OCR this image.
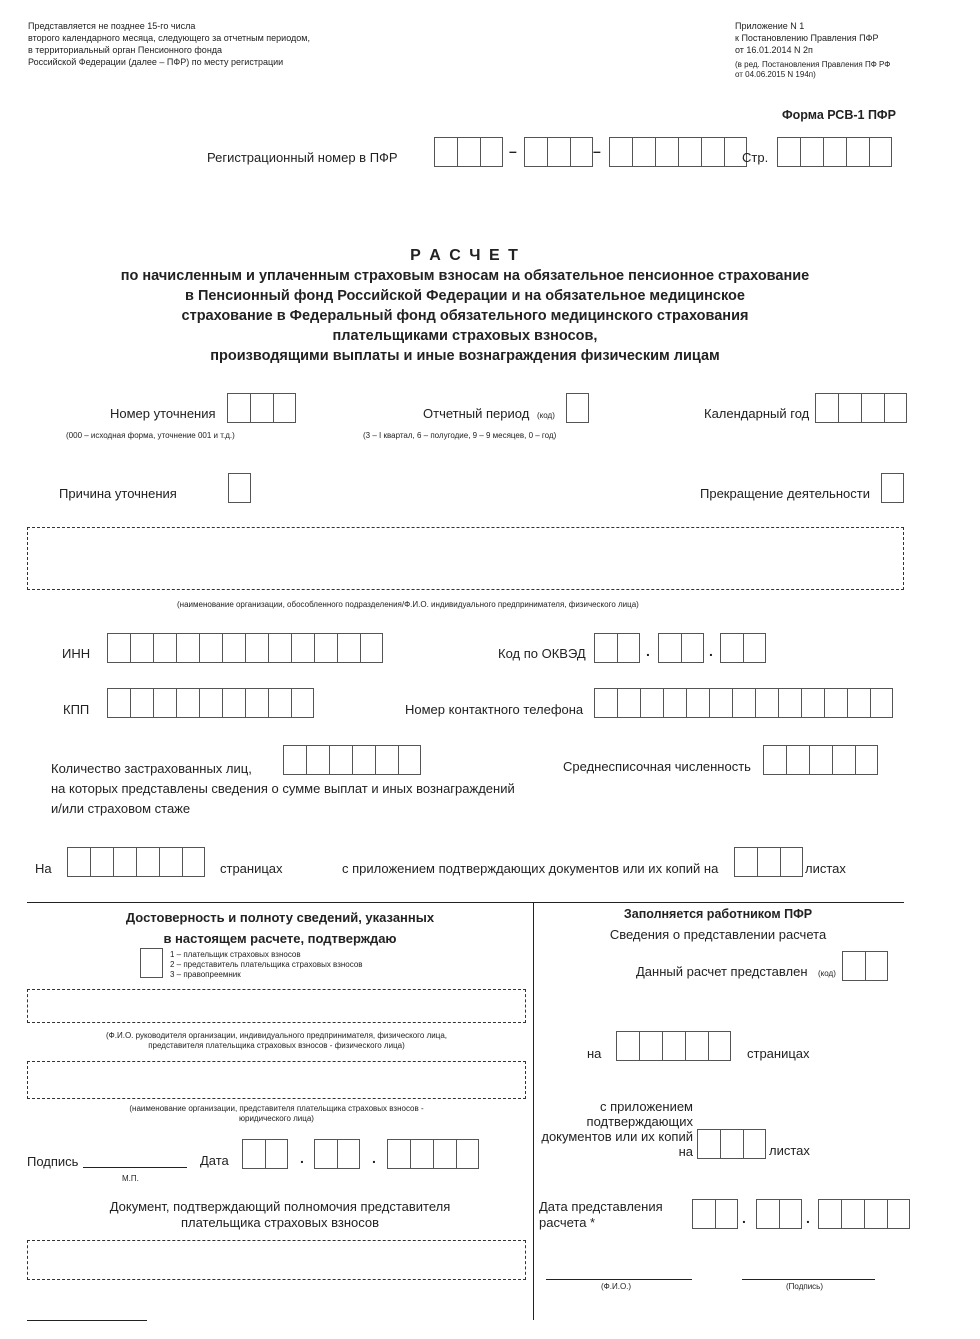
Представляется не позднее 15-го числа
второго календарного месяца, следующего за отчетным периодом,
в территориальный орган Пенсионного фонда
Российской Федерации (далее – ПФР) по месту регистрации
Приложение N 1
к Постановлению Правления ПФР
от 16.01.2014 N 2п
(в ред. Постановления Правления ПФ РФ
от 04.06.2015 N 194п)
Форма РСВ-1 ПФР
Регистрационный номер в ПФР	–	–	Стр.
Р А С Ч Е Т
по начисленным и уплаченным страховым взносам на обязательное пенсионное страхование
в Пенсионный фонд Российской Федерации и на обязательное медицинское
страхование в Федеральный фонд обязательного медицинского страхования
плательщиками страховых взносов,
производящими выплаты и иные вознаграждения физическим лицам
Номер уточнения
(000 – исходная форма, уточнение 001 и т.д.)
Отчетный период (код)
(3 – I квартал, 6 – полугодие, 9 – 9 месяцев, 0 – год)
Календарный год
Причина уточнения	Прекращение деятельности
(наименование организации, обособленного подразделения/Ф.И.О. индивидуального предпринимателя, физического лица)
ИНН	Код по ОКВЭД	.	.
КПП	Номер контактного телефона
Количество застрахованных лиц,
на которых представлены сведения о сумме выплат и иных вознаграждений
и/или страховом стаже
Среднесписочная численность
На	страницах	с приложением подтверждающих документов или их копий на	листах
Достоверность и полноту сведений, указанных
в настоящем расчете, подтверждаю
1 – плательщик страховых взносов
2 – представитель плательщика страховых взносов
3 – правопреемник
(Ф.И.О. руководителя организации, индивидуального предпринимателя, физического лица,
представителя плательщика страховых взносов - физического лица)
(наименование организации, представителя плательщика страховых взносов -
юридического лица)
Подпись
М.П.
Дата	.	.
Документ, подтверждающий полномочия представителя
плательщика страховых взносов
Заполняется работником ПФР
Сведения о представлении расчета
Данный расчет представлен (код)
на	страницах
с приложением
подтверждающих
документов или их копий
на	листах
Дата представления
расчета *	.	.
(Ф.И.О.)	(Подпись)
